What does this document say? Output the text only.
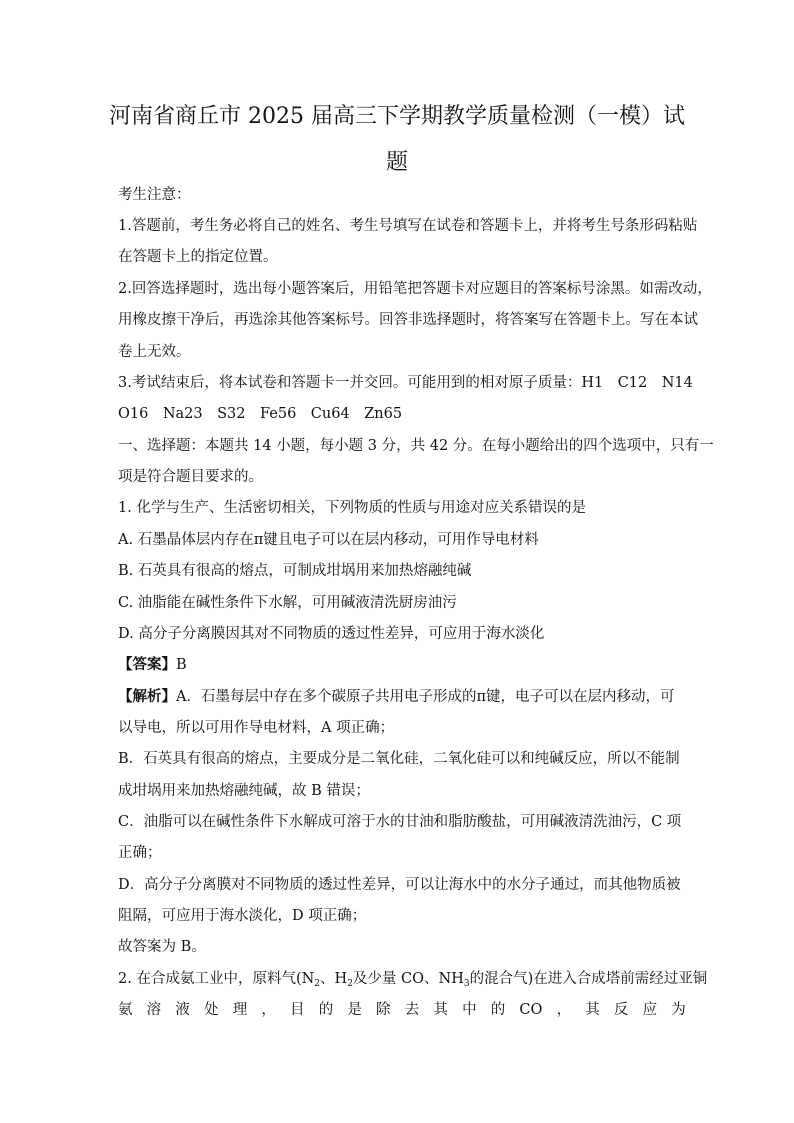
河南省商丘市 2025 届高三下学期教学质量检测（一模）试
题

考生注意：

1.答题前，考生务必将自己的姓名、考生号填写在试卷和答题卡上，并将考生号条形码粘贴

在答题卡上的指定位置。

2.回答选择题时，选出每小题答案后，用铅笔把答题卡对应题目的答案标号涂黑。如需改动，

用橡皮擦干净后，再选涂其他答案标号。回答非选择题时，将答案写在答题卡上。写在本试

卷上无效。

3.考试结束后，将本试卷和答题卡一并交回。可能用到的相对原子质量：H1　C12　N14

O16　Na23　S32　Fe56　Cu64　Zn65

一、选择题：本题共 14 小题，每小题 3 分，共 42 分。在每小题给出的四个选项中，只有一

项是符合题目要求的。

1. 化学与生产、生活密切相关，下列物质的性质与用途对应关系错误的是

A. 石墨晶体层内存在π键且电子可以在层内移动，可用作导电材料

B. 石英具有很高的熔点，可制成坩埚用来加热熔融纯碱

C. 油脂能在碱性条件下水解，可用碱液清洗厨房油污

D. 高分子分离膜因其对不同物质的透过性差异，可应用于海水淡化

【答案】B

【解析】A．石墨每层中存在多个碳原子共用电子形成的π键，电子可以在层内移动，可

以导电，所以可用作导电材料，A 项正确；

B．石英具有很高的熔点，主要成分是二氧化硅，二氧化硅可以和纯碱反应，所以不能制

成坩埚用来加热熔融纯碱，故 B 错误；

C．油脂可以在碱性条件下水解成可溶于水的甘油和脂肪酸盐，可用碱液清洗油污，C 项

正确；

D．高分子分离膜对不同物质的透过性差异，可以让海水中的水分子通过，而其他物质被

阻隔，可应用于海水淡化，D 项正确；

故答案为 B。

2. 在合成氨工业中，原料气($N_2$、$H_2$及少量 CO、$NH_3$的混合气)在进入合成塔前需经过亚铜

氨 溶 液 处 理 ， 目 的 是 除 去 其 中 的 CO ， 其 反 应 为
